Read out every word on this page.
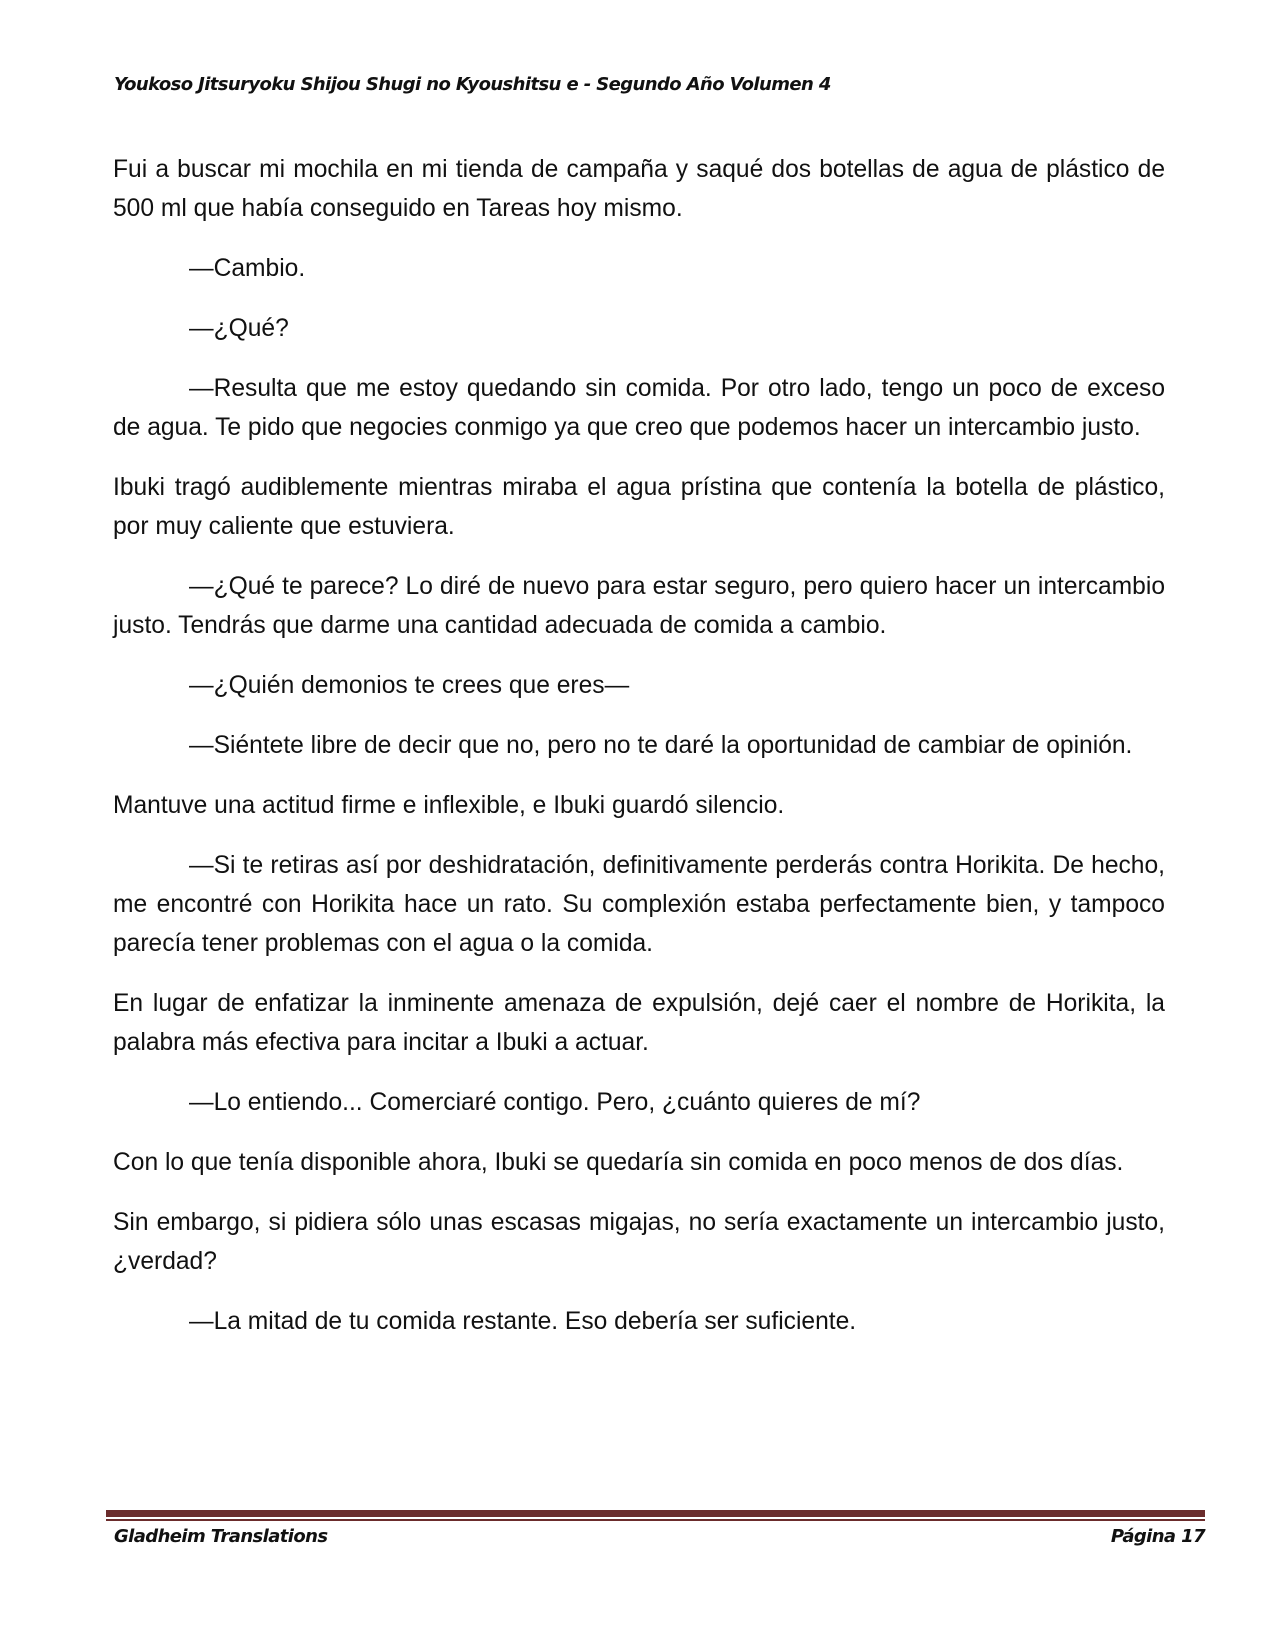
Youkoso Jitsuryoku Shijou Shugi no Kyoushitsu e - Segundo Año Volumen 4

Fui a buscar mi mochila en mi tienda de campaña y saqué dos botellas de agua de plástico de 500 ml que había conseguido en Tareas hoy mismo.

—Cambio.

—¿Qué?

—Resulta que me estoy quedando sin comida. Por otro lado, tengo un poco de exceso de agua. Te pido que negocies conmigo ya que creo que podemos hacer un intercambio justo.

Ibuki tragó audiblemente mientras miraba el agua prístina que contenía la botella de plástico, por muy caliente que estuviera.

—¿Qué te parece? Lo diré de nuevo para estar seguro, pero quiero hacer un intercambio justo. Tendrás que darme una cantidad adecuada de comida a cambio.

—¿Quién demonios te crees que eres—

—Siéntete libre de decir que no, pero no te daré la oportunidad de cambiar de opinión.

Mantuve una actitud firme e inflexible, e Ibuki guardó silencio.

—Si te retiras así por deshidratación, definitivamente perderás contra Horikita. De hecho, me encontré con Horikita hace un rato. Su complexión estaba perfectamente bien, y tampoco parecía tener problemas con el agua o la comida.

En lugar de enfatizar la inminente amenaza de expulsión, dejé caer el nombre de Horikita, la palabra más efectiva para incitar a Ibuki a actuar.

—Lo entiendo... Comerciaré contigo. Pero, ¿cuánto quieres de mí?

Con lo que tenía disponible ahora, Ibuki se quedaría sin comida en poco menos de dos días.

Sin embargo, si pidiera sólo unas escasas migajas, no sería exactamente un intercambio justo, ¿verdad?

—La mitad de tu comida restante. Eso debería ser suficiente.

Gladheim Translations	Página 17
